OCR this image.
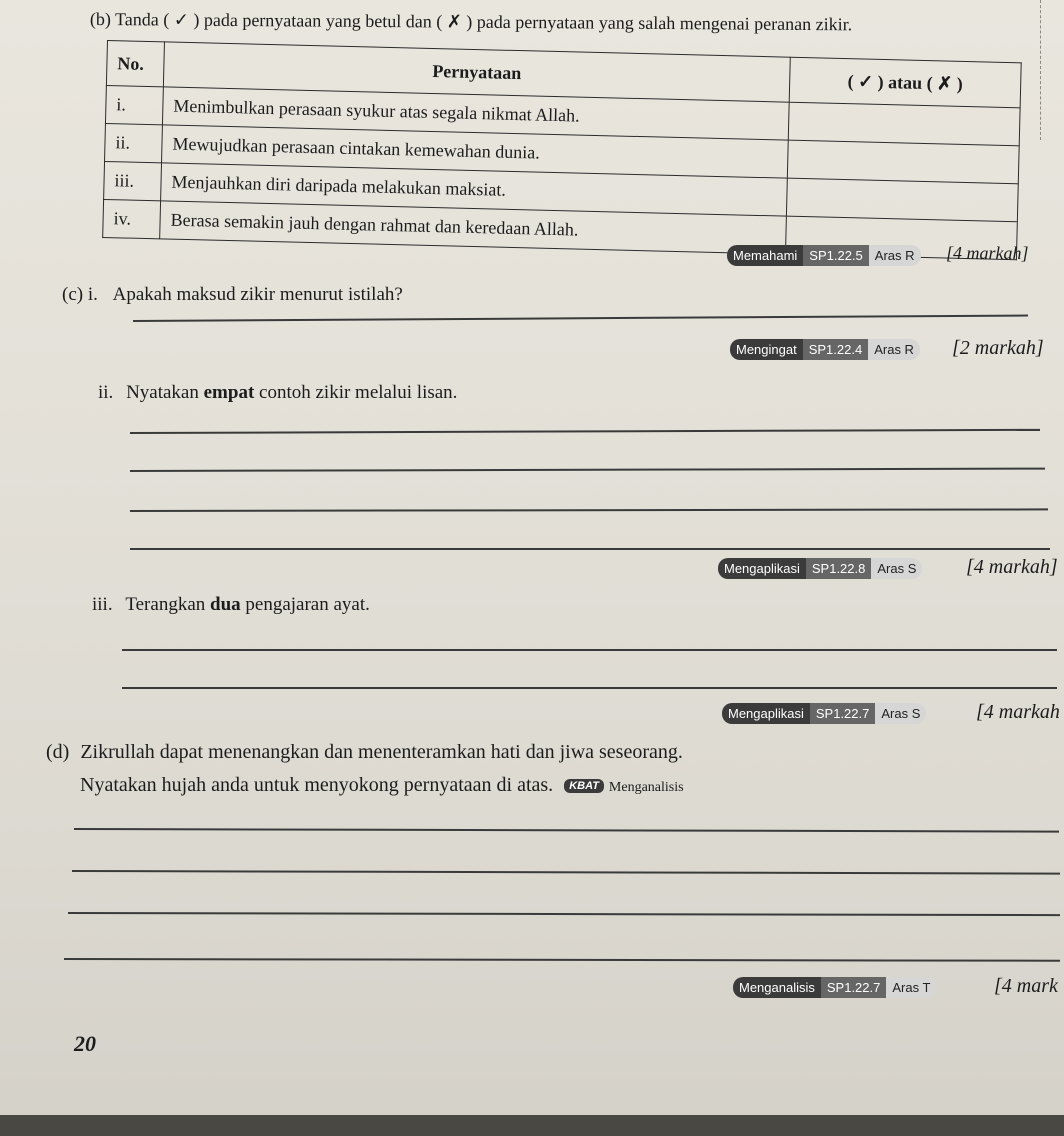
(b) Tanda ( ✓ ) pada pernyataan yang betul dan ( ✗ ) pada pernyataan yang salah mengenai peranan zikir.
No.	Pernyataan	( ✓ ) atau ( ✗ )
i.	Menimbulkan perasaan syukur atas segala nikmat Allah.	
ii.	Mewujudkan perasaan cintakan kemewahan dunia.	
iii.	Menjauhkan diri daripada melakukan maksiat.	
iv.	Berasa semakin jauh dengan rahmat dan keredaan Allah.	
Memahami SP1.22.5 Aras R	[4 markah]
(c) i. Apakah maksud zikir menurut istilah?
Mengingat SP1.22.4 Aras R	[2 markah]
ii. Nyatakan empat contoh zikir melalui lisan.
Mengaplikasi SP1.22.8 Aras S	[4 markah]
iii. Terangkan dua pengajaran ayat.
Mengaplikasi SP1.22.7 Aras S	[4 markah
(d) Zikrullah dapat menenangkan dan menenteramkan hati dan jiwa seseorang.
Nyatakan hujah anda untuk menyokong pernyataan di atas. KBAT Menganalisis
Menganalisis SP1.22.7 Aras T	[4 mark
20
